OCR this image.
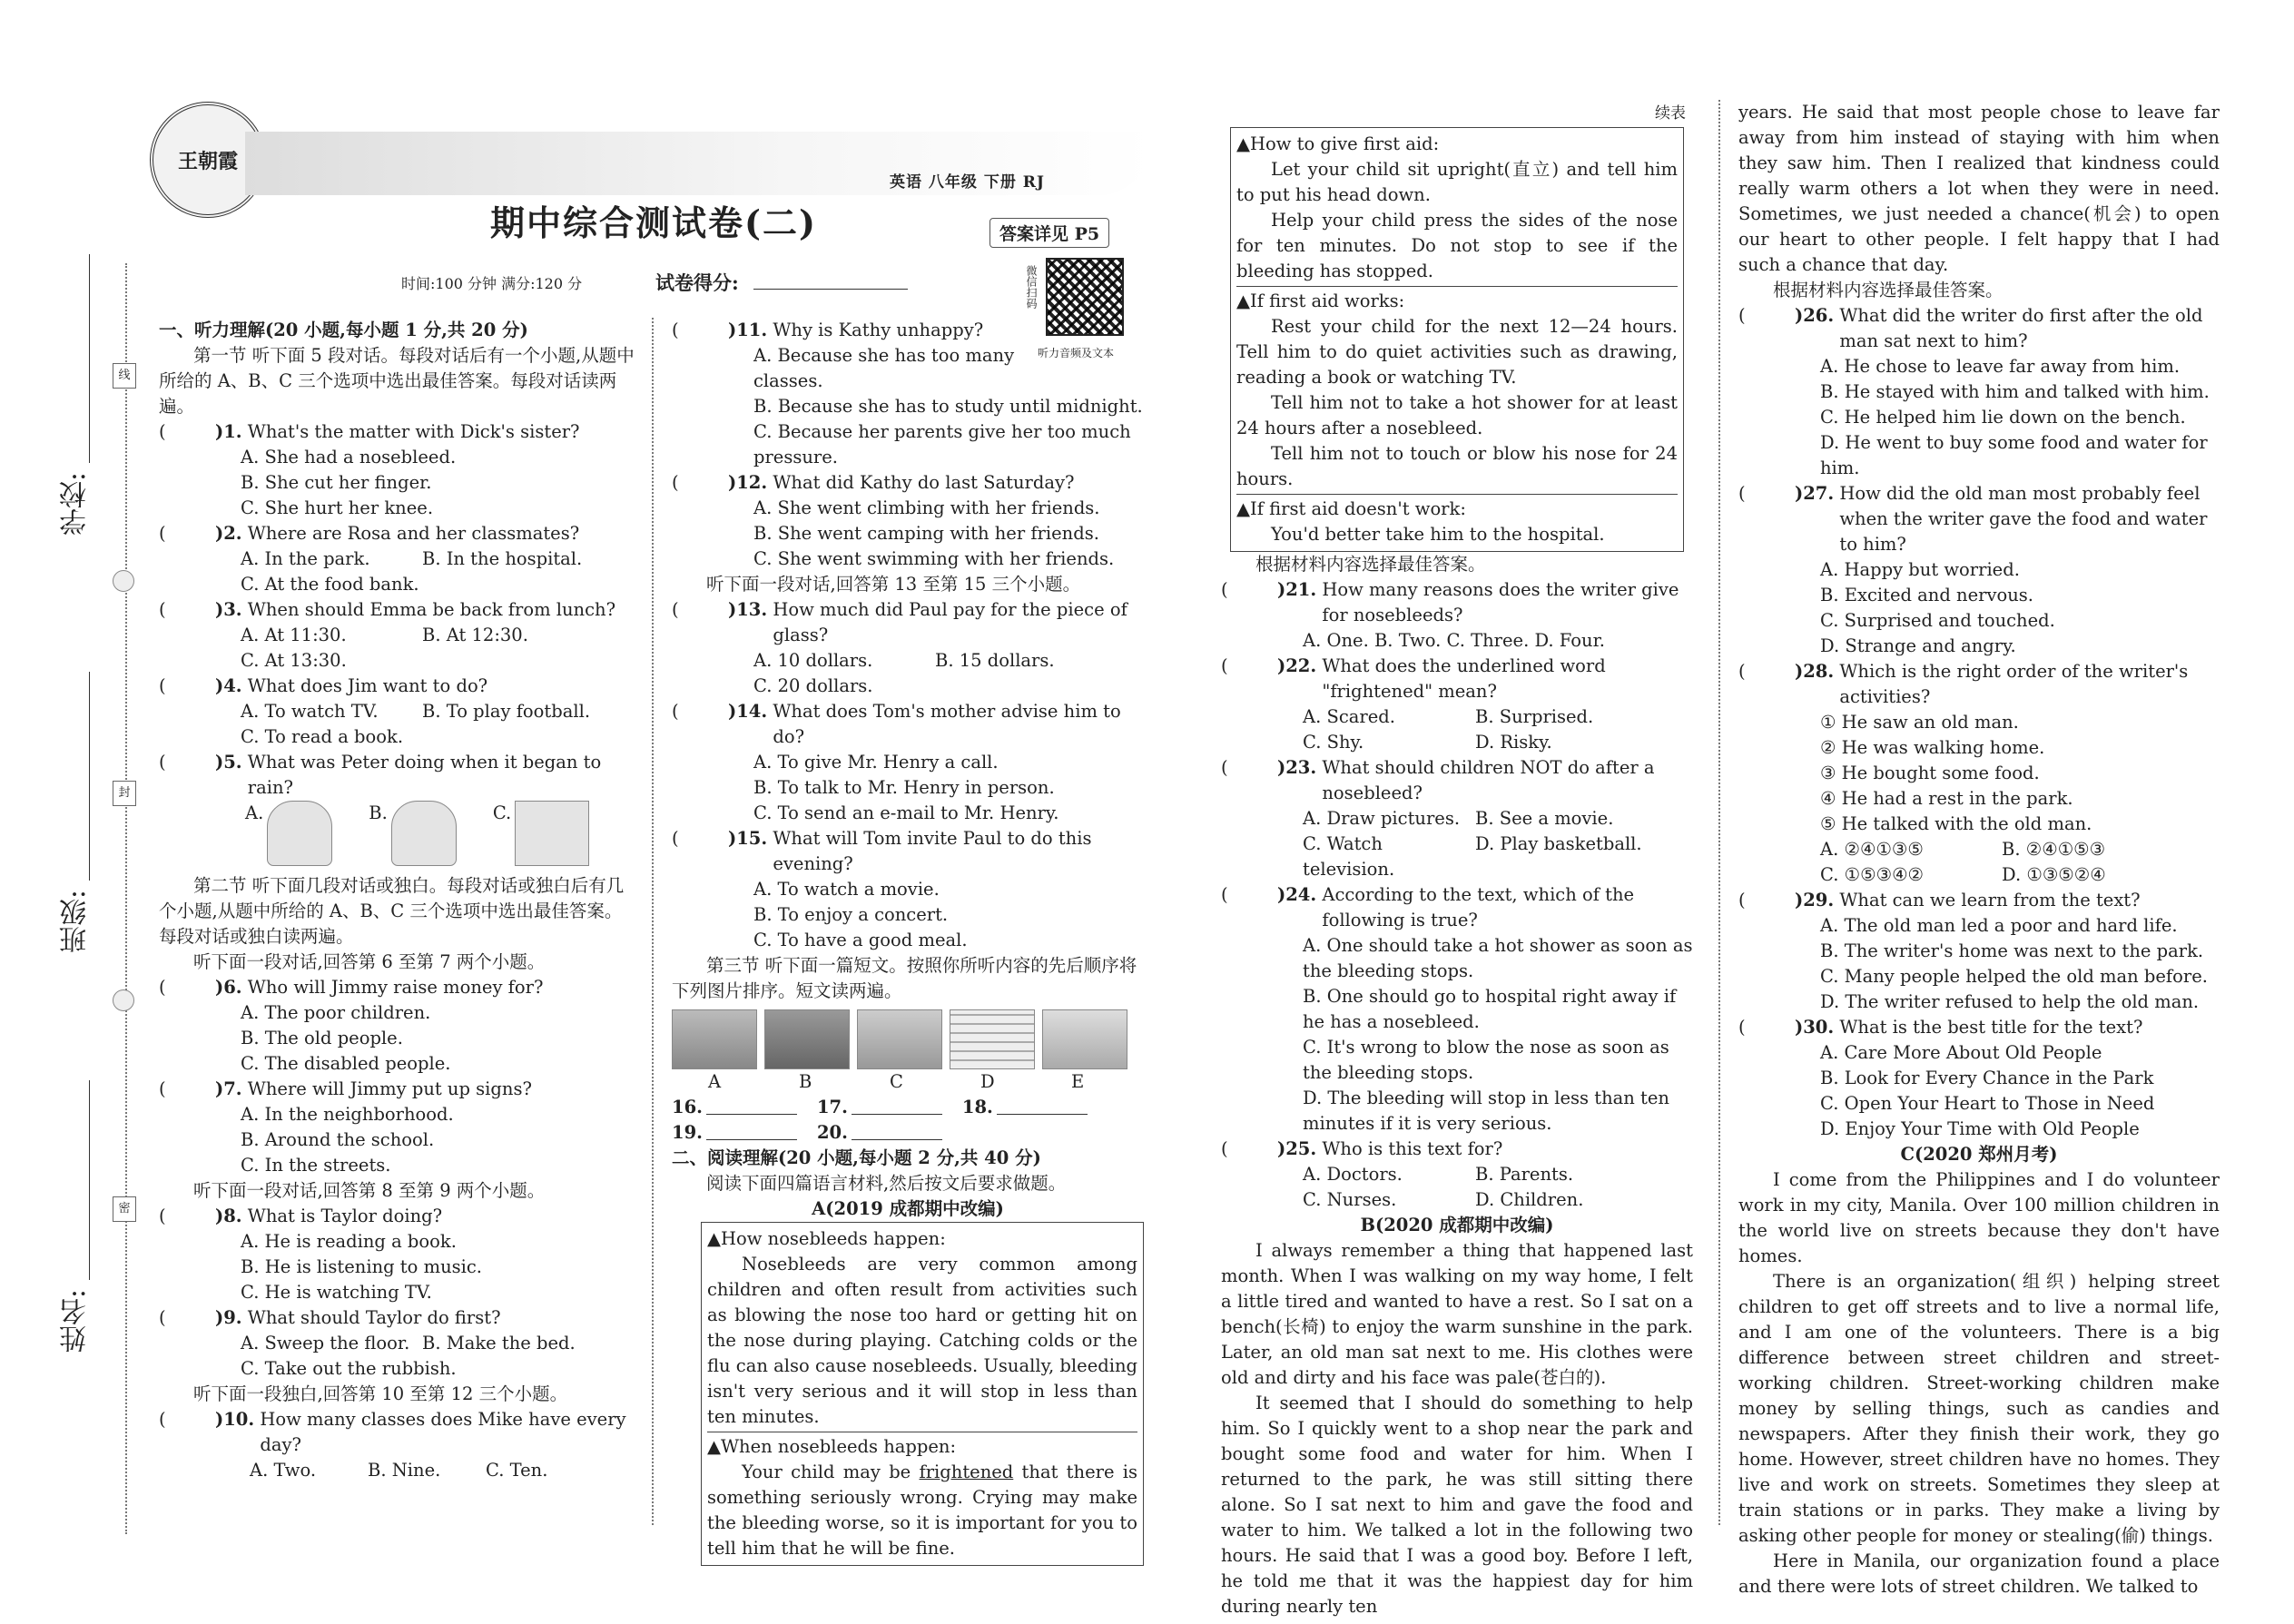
学校:
班级:
姓名:
线
封
密
王朝霞
英语 八年级 下册 RJ
期中综合测试卷(二)	答案详见 P5
时间:100 分钟 满分:120 分	试卷得分:	微信扫码
听力音频及文本
续表

一、听力理解(20 小题,每小题 1 分,共 20 分)

第一节 听下面 5 段对话。每段对话后有一个小题,从题中所给的 A、B、C 三个选项中选出最佳答案。每段对话读两遍。

(	)1.
What's the matter with Dick's sister?

A. She had a nosebleed.

B. She cut her finger.

C. She hurt her knee.

(	)2.
Where are Rosa and her classmates?
A. In the park.	B. In the hospital.

C. At the food bank.

(	)3.
When should Emma be back from lunch?
A. At 11:30.	B. At 12:30.

C. At 13:30.

(	)4.
What does Jim want to do?
A. To watch TV.	B. To play football.

C. To read a book.

(	)5.
What was Peter doing when it began to rain?
A.	B.	C.

第二节 听下面几段对话或独白。每段对话或独白后有几个小题,从题中所给的 A、B、C 三个选项中选出最佳答案。每段对话或独白读两遍。

听下面一段对话,回答第 6 至第 7 两个小题。

(	)6.
Who will Jimmy raise money for?

A. The poor children.

B. The old people.

C. The disabled people.

(	)7.
Where will Jimmy put up signs?

A. In the neighborhood.

B. Around the school.

C. In the streets.

听下面一段对话,回答第 8 至第 9 两个小题。

(	)8.
What is Taylor doing?

A. He is reading a book.

B. He is listening to music.

C. He is watching TV.

(	)9.
What should Taylor do first?
A. Sweep the floor. B. Make the bed.

C. Take out the rubbish.

听下面一段独白,回答第 10 至第 12 三个小题。

(	)10.
How many classes does Mike have every day?
A. Two.	B. Nine.	C. Ten.
(	)11.
Why is Kathy unhappy?

A. Because she has too many classes.

B. Because she has to study until midnight.

C. Because her parents give her too much pressure.

(	)12.
What did Kathy do last Saturday?

A. She went climbing with her friends.

B. She went camping with her friends.

C. She went swimming with her friends.

听下面一段对话,回答第 13 至第 15 三个小题。

(	)13.
How much did Paul pay for the piece of glass?
A. 10 dollars.	B. 15 dollars.

C. 20 dollars.

(	)14.
What does Tom's mother advise him to do?

A. To give Mr. Henry a call.

B. To talk to Mr. Henry in person.

C. To send an e-mail to Mr. Henry.

(	)15.
What will Tom invite Paul to do this evening?

A. To watch a movie.

B. To enjoy a concert.

C. To have a good meal.

第三节 听下面一篇短文。按照你所听内容的先后顺序将下列图片排序。短文读两遍。

A	B	C	D	E
16.	17.	18.
19.	20.

二、阅读理解(20 小题,每小题 2 分,共 40 分)

阅读下面四篇语言材料,然后按文后要求做题。

A(2019 成都期中改编)

▲How nosebleeds happen:

Nosebleeds are very common among children and often result from activities such as blowing the nose too hard or getting hit on the nose during playing. Catching colds or the flu can also cause nosebleeds. Usually, bleeding isn't very serious and it will stop in less than ten minutes.

▲When nosebleeds happen:

Your child may be frightened that there is something seriously wrong. Crying may make the bleeding worse, so it is important for you to tell him that he will be fine.

▲How to give first aid:

Let your child sit upright(直立) and tell him to put his head down.

Help your child press the sides of the nose for ten minutes. Do not stop to see if the bleeding has stopped.

▲If first aid works:

Rest your child for the next 12—24 hours. Tell him to do quiet activities such as drawing, reading a book or watching TV.

Tell him not to take a hot shower for at least 24 hours after a nosebleed.

Tell him not to touch or blow his nose for 24 hours.

▲If first aid doesn't work:

You'd better take him to the hospital.

根据材料内容选择最佳答案。

(	)21.
How many reasons does the writer give for nosebleeds?

A. One. B. Two. C. Three. D. Four.

(	)22.
What does the underlined word "frightened" mean?
A. Scared.	B. Surprised.
C. Shy.	D. Risky.
(	)23.
What should children NOT do after a nosebleed?
A. Draw pictures. B. See a movie.
C. Watch television.
D. Play basketball.
(	)24.
According to the text, which of the following is true?

A. One should take a hot shower as soon as the bleeding stops.

B. One should go to hospital right away if he has a nosebleed.

C. It's wrong to blow the nose as soon as the bleeding stops.

D. The bleeding will stop in less than ten minutes if it is very serious.

(	)25.
Who is this text for?
A. Doctors.	B. Parents.
C. Nurses.	D. Children.

B(2020 成都期中改编)

I always remember a thing that happened last month. When I was walking on my way home, I felt a little tired and wanted to have a rest. So I sat on a bench(长椅) to enjoy the warm sunshine in the park. Later, an old man sat next to me. His clothes were old and dirty and his face was pale(苍白的).

It seemed that I should do something to help him. So I quickly went to a shop near the park and bought some food and water for him. When I returned to the park, he was still sitting there alone. So I sat next to him and gave the food and water to him. We talked a lot in the following two hours. He said that I was a good boy. Before I left, he told me that it was the happiest day for him during nearly ten

years. He said that most people chose to leave far away from him instead of staying with him when they saw him. Then I realized that kindness could really warm others a lot when they were in need. Sometimes, we just needed a chance(机会) to open our heart to other people. I felt happy that I had such a chance that day.

根据材料内容选择最佳答案。

(	)26.
What did the writer do first after the old man sat next to him?

A. He chose to leave far away from him.

B. He stayed with him and talked with him.

C. He helped him lie down on the bench.

D. He went to buy some food and water for him.

(	)27.
How did the old man most probably feel when the writer gave the food and water to him?

A. Happy but worried.

B. Excited and nervous.

C. Surprised and touched.

D. Strange and angry.

(	)28.
Which is the right order of the writer's activities?

① He saw an old man.

② He was walking home.

③ He bought some food.

④ He had a rest in the park.

⑤ He talked with the old man.

A. ②④①③⑤	B. ②④①⑤③
C. ①⑤③④②	D. ①③⑤②④
(	)29.
What can we learn from the text?

A. The old man led a poor and hard life.

B. The writer's home was next to the park.

C. Many people helped the old man before.

D. The writer refused to help the old man.

(	)30.
What is the best title for the text?

A. Care More About Old People

B. Look for Every Chance in the Park

C. Open Your Heart to Those in Need

D. Enjoy Your Time with Old People

C(2020 郑州月考)

I come from the Philippines and I do volunteer work in my city, Manila. Over 100 million children in the world live on streets because they don't have homes.

There is an organization(组织) helping street children to get off streets and to live a normal life, and I am one of the volunteers. There is a big difference between street children and street-working children. Street-working children make money by selling things, such as candies and newspapers. After they finish their work, they go home. However, street children have no homes. They live and work on streets. Sometimes they sleep at train stations or in parks. They make a living by asking other people for money or stealing(偷) things.

Here in Manila, our organization found a place and there were lots of street children. We talked to
